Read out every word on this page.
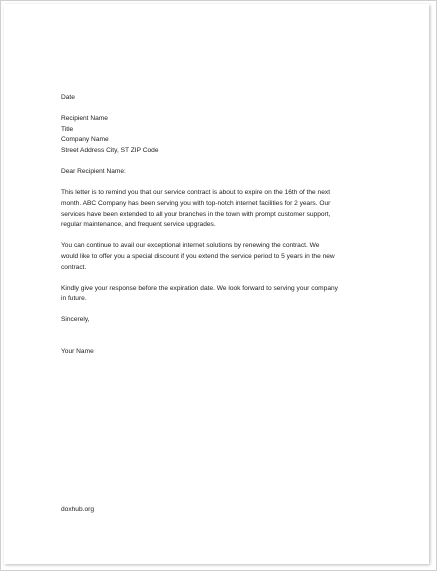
Date
Recipient Name
Title
Company Name
Street Address City, ST ZIP Code
Dear Recipient Name:
This letter is to remind you that our service contract is about to expire on the 16th of the next
month. ABC Company has been serving you with top-notch internet facilities for 2 years. Our
services have been extended to all your branches in the town with prompt customer support,
regular maintenance, and frequent service upgrades.
You can continue to avail our exceptional internet solutions by renewing the contract. We
would like to offer you a special discount if you extend the service period to 5 years in the new
contract.
Kindly give your response before the expiration date. We look forward to serving your company
in future.
Sincerely,
Your Name
doxhub.org
